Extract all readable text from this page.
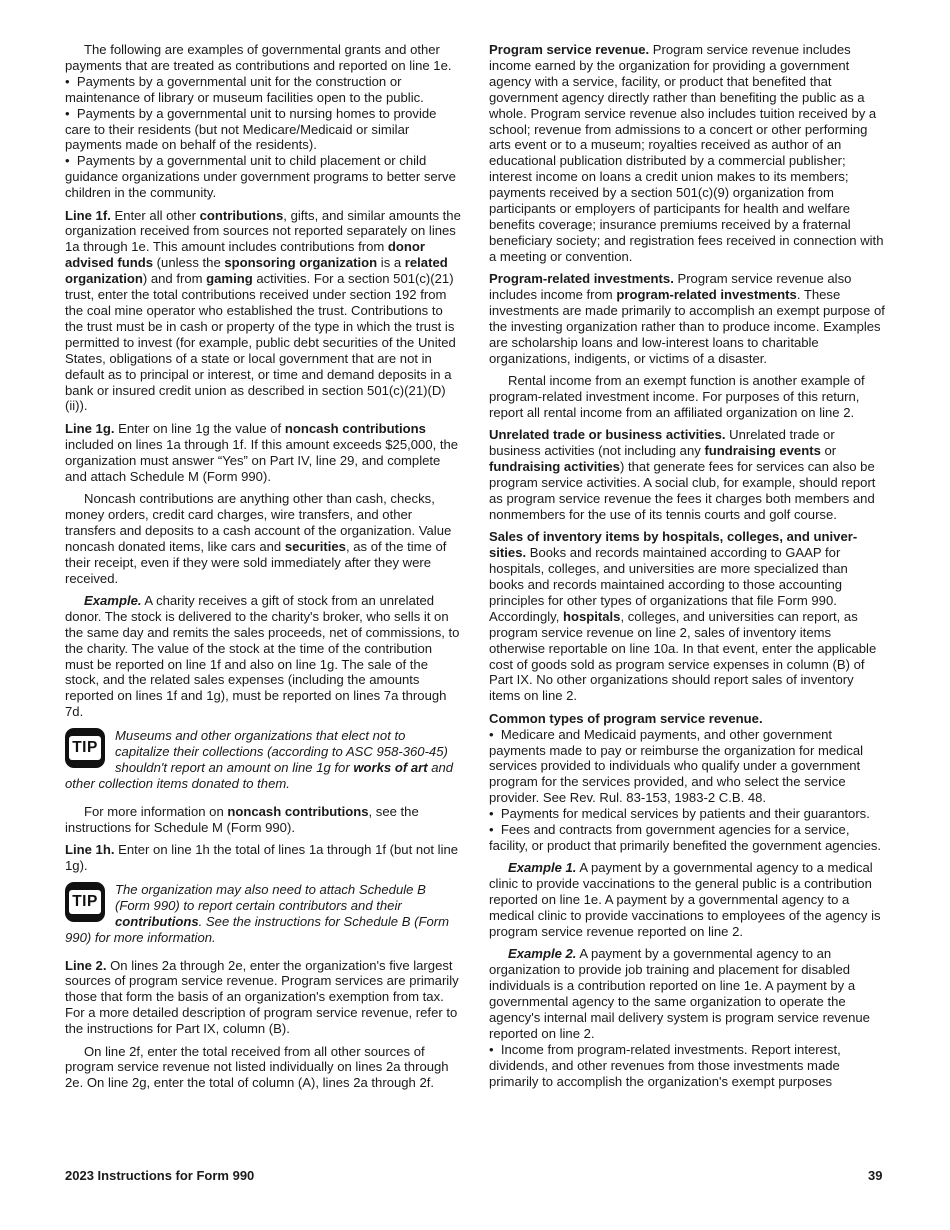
The following are examples of governmental grants and other payments that are treated as contributions and reported on line 1e.

•  Payments by a governmental unit for the construction or maintenance of library or museum facilities open to the public.

•  Payments by a governmental unit to nursing homes to provide care to their residents (but not Medicare/Medicaid or similar payments made on behalf of the residents).

•  Payments by a governmental unit to child placement or child guidance organizations under government programs to better serve children in the community.

Line 1f. Enter all other contributions, gifts, and similar amounts the organization received from sources not reported separately on lines 1a through 1e. This amount includes contributions from donor advised funds (unless the sponsoring organization is a related organization) and from gaming activities. For a section 501(c)(21) trust, enter the total contributions received under section 192 from the coal mine operator who established the trust. Contributions to the trust must be in cash or property of the type in which the trust is permitted to invest (for example, public debt securities of the United States, obligations of a state or local government that are not in default as to principal or interest, or time and demand deposits in a bank or insured credit union as described in section 501(c)(21)(D)(ii)).

Line 1g. Enter on line 1g the value of noncash contributions included on lines 1a through 1f. If this amount exceeds $25,000, the organization must answer “Yes” on Part IV, line 29, and complete and attach Schedule M (Form 990).

Noncash contributions are anything other than cash, checks, money orders, credit card charges, wire transfers, and other transfers and deposits to a cash account of the organization. Value noncash donated items, like cars and securities, as of the time of their receipt, even if they were sold immediately after they were received.

Example. A charity receives a gift of stock from an unrelated donor. The stock is delivered to the charity's broker, who sells it on the same day and remits the sales proceeds, net of commissions, to the charity. The value of the stock at the time of the contribution must be reported on line 1f and also on line 1g. The sale of the stock, and the related sales expenses (including the amounts reported on lines 1f and 1g), must be reported on lines 7a through 7d.

TIP
Museums and other organizations that elect not to capitalize their collections (according to ASC 958-360-45) shouldn't report an amount on line 1g for works of art and other collection items donated to them.

For more information on noncash contributions, see the instructions for Schedule M (Form 990).

Line 1h. Enter on line 1h the total of lines 1a through 1f (but not line 1g).

TIP
The organization may also need to attach Schedule B (Form 990) to report certain contributors and their contributions. See the instructions for Schedule B (Form 990) for more information.

Line 2. On lines 2a through 2e, enter the organization's five largest sources of program service revenue. Program services are primarily those that form the basis of an organization's exemption from tax. For a more detailed description of program service revenue, refer to the instructions for Part IX, column (B).

On line 2f, enter the total received from all other sources of program service revenue not listed individually on lines 2a through 2e. On line 2g, enter the total of column (A), lines 2a through 2f.

Program service revenue. Program service revenue includes income earned by the organization for providing a government agency with a service, facility, or product that benefited that government agency directly rather than benefiting the public as a whole. Program service revenue also includes tuition received by a school; revenue from admissions to a concert or other performing arts event or to a museum; royalties received as author of an educational publication distributed by a commercial publisher; interest income on loans a credit union makes to its members; payments received by a section 501(c)(9) organization from participants or employers of participants for health and welfare benefits coverage; insurance premiums received by a fraternal beneficiary society; and registration fees received in connection with a meeting or convention.

Program-related investments. Program service revenue also includes income from program-related investments. These investments are made primarily to accomplish an exempt purpose of the investing organization rather than to produce income. Examples are scholarship loans and low-interest loans to charitable organizations, indigents, or victims of a disaster.

Rental income from an exempt function is another example of program-related investment income. For purposes of this return, report all rental income from an affiliated organization on line 2.

Unrelated trade or business activities. Unrelated trade or business activities (not including any fundraising events or fundraising activities) that generate fees for services can also be program service activities. A social club, for example, should report as program service revenue the fees it charges both members and nonmembers for the use of its tennis courts and golf course.

Sales of inventory items by hospitals, colleges, and univer-
sities. Books and records maintained according to GAAP for hospitals, colleges, and universities are more specialized than books and records maintained according to those accounting principles for other types of organizations that file Form 990. Accordingly, hospitals, colleges, and universities can report, as program service revenue on line 2, sales of inventory items otherwise reportable on line 10a. In that event, enter the applicable cost of goods sold as program service expenses in column (B) of Part IX. No other organizations should report sales of inventory items on line 2.

Common types of program service revenue.

•  Medicare and Medicaid payments, and other government payments made to pay or reimburse the organization for medical services provided to individuals who qualify under a government program for the services provided, and who select the service provider. See Rev. Rul. 83-153, 1983-2 C.B. 48.

•  Payments for medical services by patients and their guarantors.

•  Fees and contracts from government agencies for a service, facility, or product that primarily benefited the government agencies.

Example 1. A payment by a governmental agency to a medical clinic to provide vaccinations to the general public is a contribution reported on line 1e. A payment by a governmental agency to a medical clinic to provide vaccinations to employees of the agency is program service revenue reported on line 2.

Example 2. A payment by a governmental agency to an organization to provide job training and placement for disabled individuals is a contribution reported on line 1e. A payment by a governmental agency to the same organization to operate the agency's internal mail delivery system is program service revenue reported on line 2.

•  Income from program-related investments. Report interest, dividends, and other revenues from those investments made primarily to accomplish the organization's exempt purposes

2023 Instructions for Form 990	39
